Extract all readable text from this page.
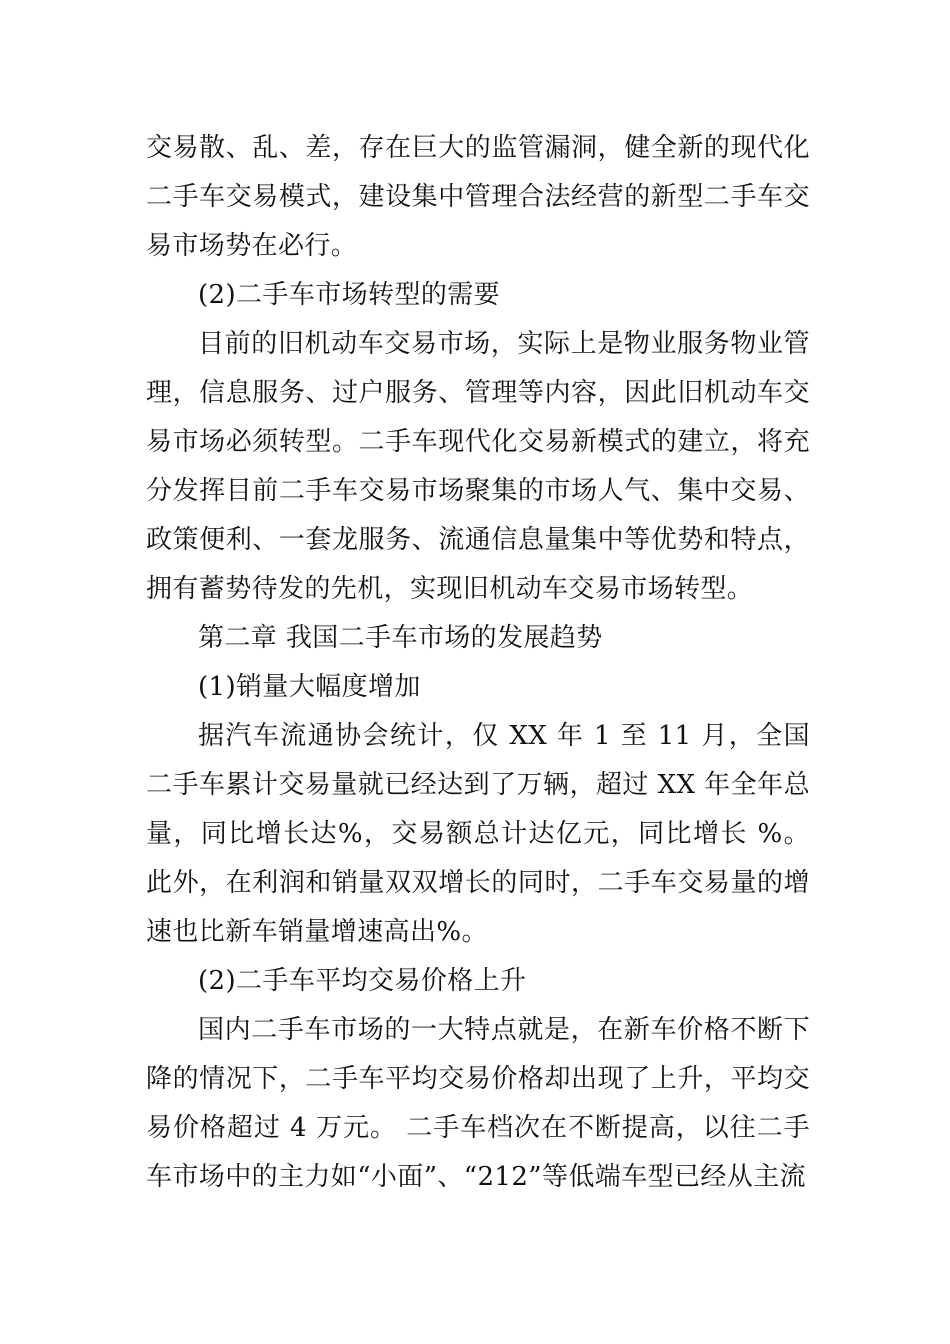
交易散、乱、差，存在巨大的监管漏洞，健全新的现代化二手车交易模式，建设集中管理合法经营的新型二手车交易市场势在必行。

(2)二手车市场转型的需要

目前的旧机动车交易市场，实际上是物业服务物业管理，信息服务、过户服务、管理等内容，因此旧机动车交易市场必须转型。二手车现代化交易新模式的建立，将充分发挥目前二手车交易市场聚集的市场人气、集中交易、政策便利、一套龙服务、流通信息量集中等优势和特点，拥有蓄势待发的先机，实现旧机动车交易市场转型。

第二章 我国二手车市场的发展趋势

(1)销量大幅度增加

据汽车流通协会统计，仅 XX 年 1 至 11 月，全国二手车累计交易量就已经达到了万辆，超过 XX 年全年总量，同比增长达%，交易额总计达亿元，同比增长 %。此外，在利润和销量双双增长的同时，二手车交易量的增速也比新车销量增速高出%。

(2)二手车平均交易价格上升

国内二手车市场的一大特点就是，在新车价格不断下降的情况下，二手车平均交易价格却出现了上升，平均交易价格超过 4 万元。 二手车档次在不断提高，以往二手车市场中的主力如“小面”、“212”等低端车型已经从主流
